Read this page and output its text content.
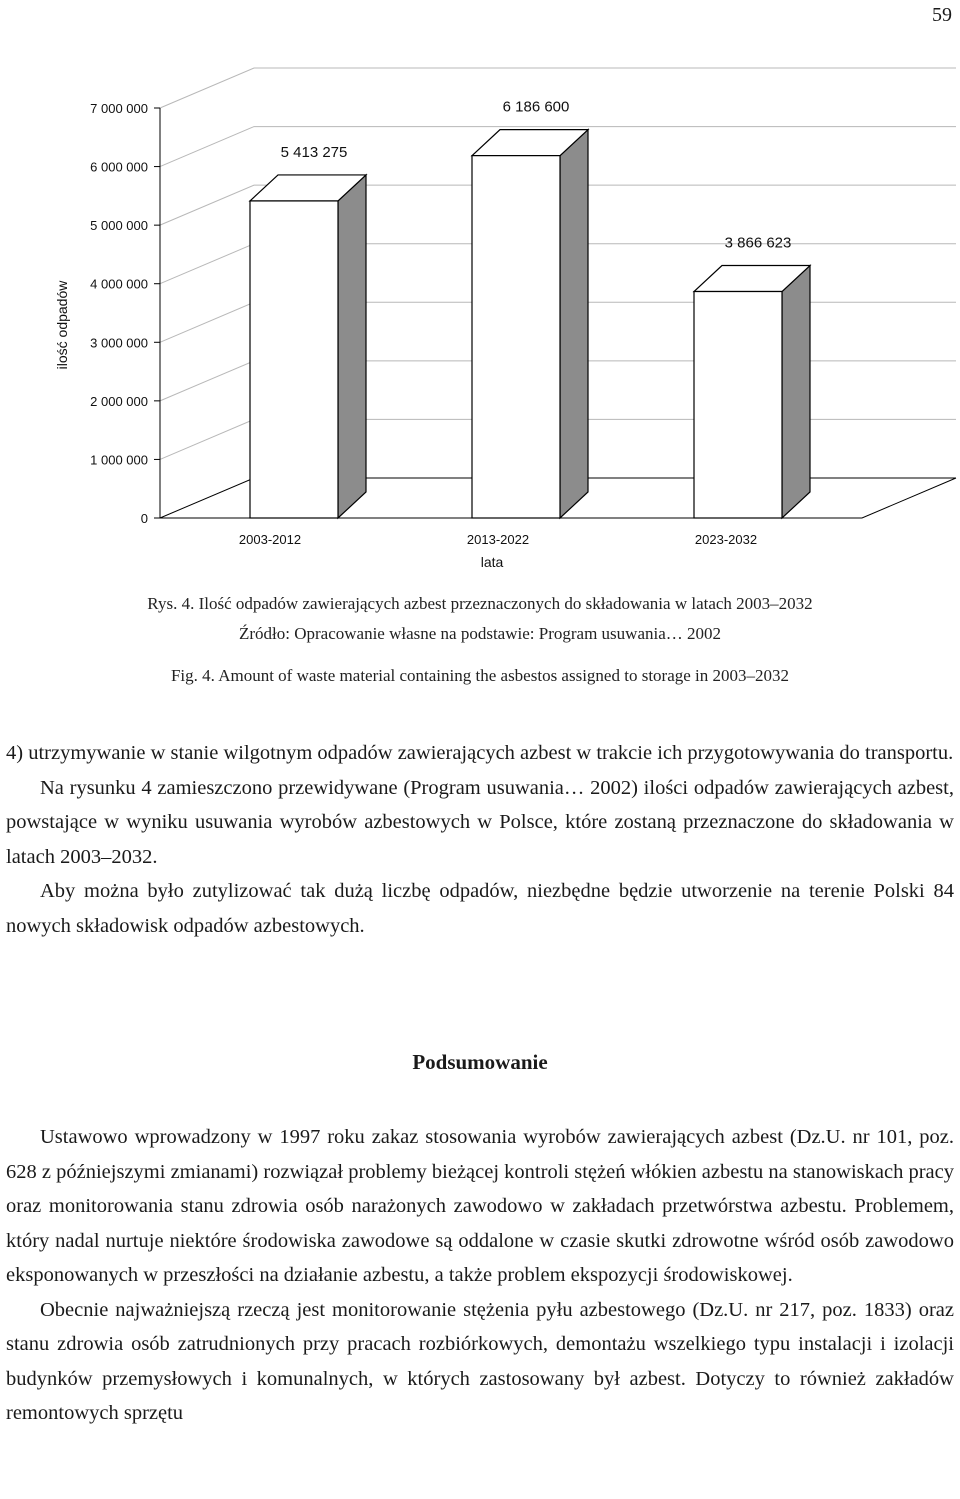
59
0
1 000 000
2 000 000
3 000 000
4 000 000
5 000 000
6 000 000
7 000 000
5 413 275
2003-2012
6 186 600
2013-2022
3 866 623
2023-2032
ilość odpadów
lata
Rys. 4. Ilość odpadów zawierających azbest przeznaczonych do składowania w latach 2003–2032
Źródło: Opracowanie własne na podstawie: Program usuwania… 2002
Fig. 4. Amount of waste material containing the asbestos assigned to storage in 2003–2032

4) utrzymywanie w stanie wilgotnym odpadów zawierających azbest w trakcie ich przygotowywania do transportu.

Na rysunku 4 zamieszczono przewidywane (Program usuwania… 2002) ilości odpadów zawierających azbest, powstające w wyniku usuwania wyrobów azbestowych w Polsce, które zostaną przeznaczone do składowania w latach 2003–2032.

Aby można było zutylizować tak dużą liczbę odpadów, niezbędne będzie utworzenie na terenie Polski 84 nowych składowisk odpadów azbestowych.

Podsumowanie

Ustawowo wprowadzony w 1997 roku zakaz stosowania wyrobów zawierających azbest (Dz.U. nr 101, poz. 628 z późniejszymi zmianami) rozwiązał problemy bieżącej kontroli stężeń włókien azbestu na stanowiskach pracy oraz monitorowania stanu zdrowia osób narażonych zawodowo w zakładach przetwórstwa azbestu. Problemem, który nadal nurtuje niektóre środowiska zawodowe są oddalone w czasie skutki zdrowotne wśród osób zawodowo eksponowanych w przeszłości na działanie azbestu, a także problem ekspozycji środowiskowej.

Obecnie najważniejszą rzeczą jest monitorowanie stężenia pyłu azbestowego (Dz.U. nr 217, poz. 1833) oraz stanu zdrowia osób zatrudnionych przy pracach rozbiórkowych, demontażu wszelkiego typu instalacji i izolacji budynków przemysłowych i komunalnych, w których zastosowany był azbest. Dotyczy to również zakładów remontowych sprzętu
